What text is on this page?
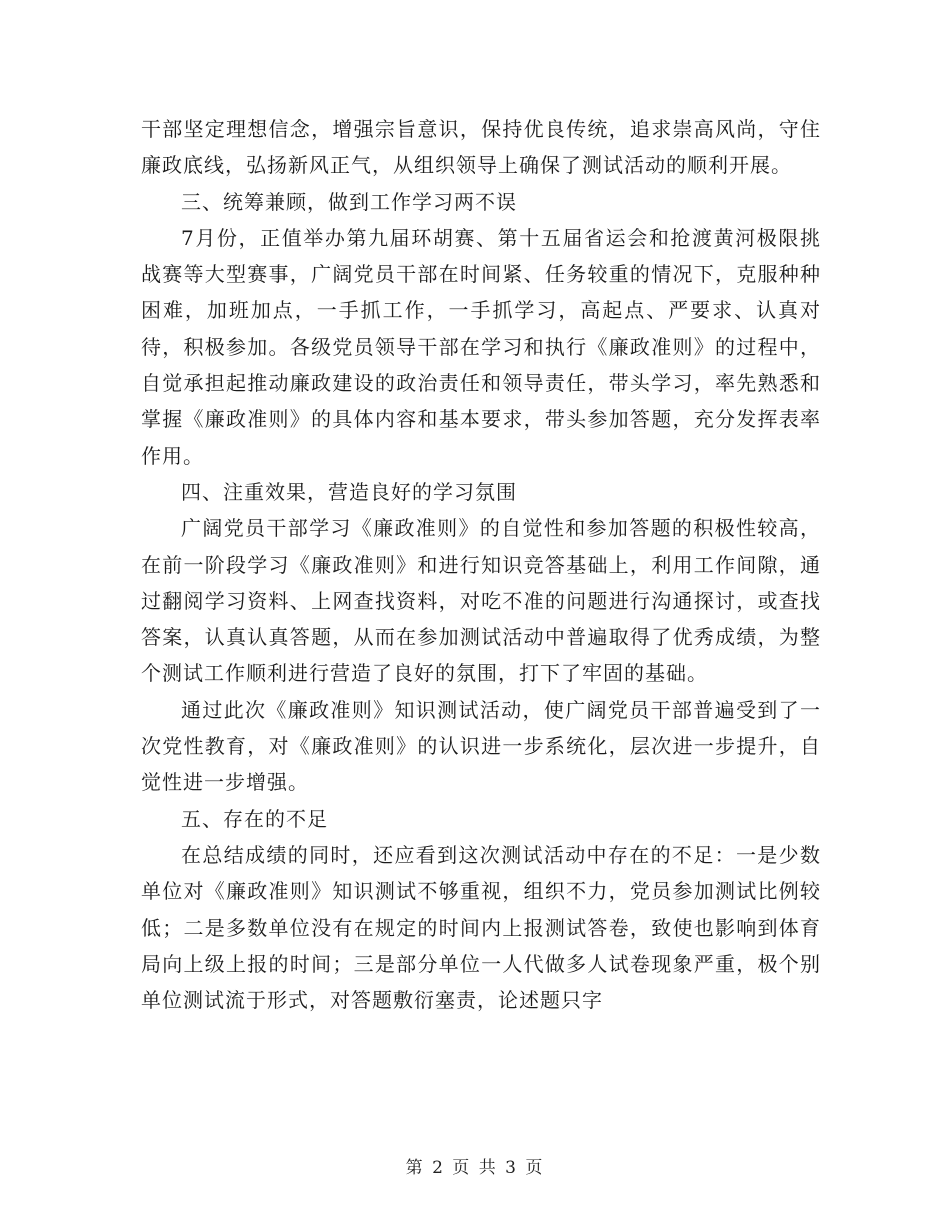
干部坚定理想信念，增强宗旨意识，保持优良传统，追求崇高风尚，守住廉政底线，弘扬新风正气，从组织领导上确保了测试活动的顺利开展。

三、统筹兼顾，做到工作学习两不误

7月份，正值举办第九届环胡赛、第十五届省运会和抢渡黄河极限挑战赛等大型赛事，广阔党员干部在时间紧、任务较重的情况下，克服种种困难，加班加点，一手抓工作，一手抓学习，高起点、严要求、认真对待，积极参加。各级党员领导干部在学习和执行《廉政准则》的过程中，自觉承担起推动廉政建设的政治责任和领导责任，带头学习，率先熟悉和掌握《廉政准则》的具体内容和基本要求，带头参加答题，充分发挥表率作用。

四、注重效果，营造良好的学习氛围

广阔党员干部学习《廉政准则》的自觉性和参加答题的积极性较高，在前一阶段学习《廉政准则》和进行知识竞答基础上，利用工作间隙，通过翻阅学习资料、上网查找资料，对吃不准的问题进行沟通探讨，或查找答案，认真认真答题，从而在参加测试活动中普遍取得了优秀成绩，为整个测试工作顺利进行营造了良好的氛围，打下了牢固的基础。

通过此次《廉政准则》知识测试活动，使广阔党员干部普遍受到了一次党性教育，对《廉政准则》的认识进一步系统化，层次进一步提升，自觉性进一步增强。

五、存在的不足

在总结成绩的同时，还应看到这次测试活动中存在的不足：一是少数单位对《廉政准则》知识测试不够重视，组织不力，党员参加测试比例较低；二是多数单位没有在规定的时间内上报测试答卷，致使也影响到体育局向上级上报的时间；三是部分单位一人代做多人试卷现象严重，极个别单位测试流于形式，对答题敷衍塞责，论述题只字

第 2 页 共 3 页
